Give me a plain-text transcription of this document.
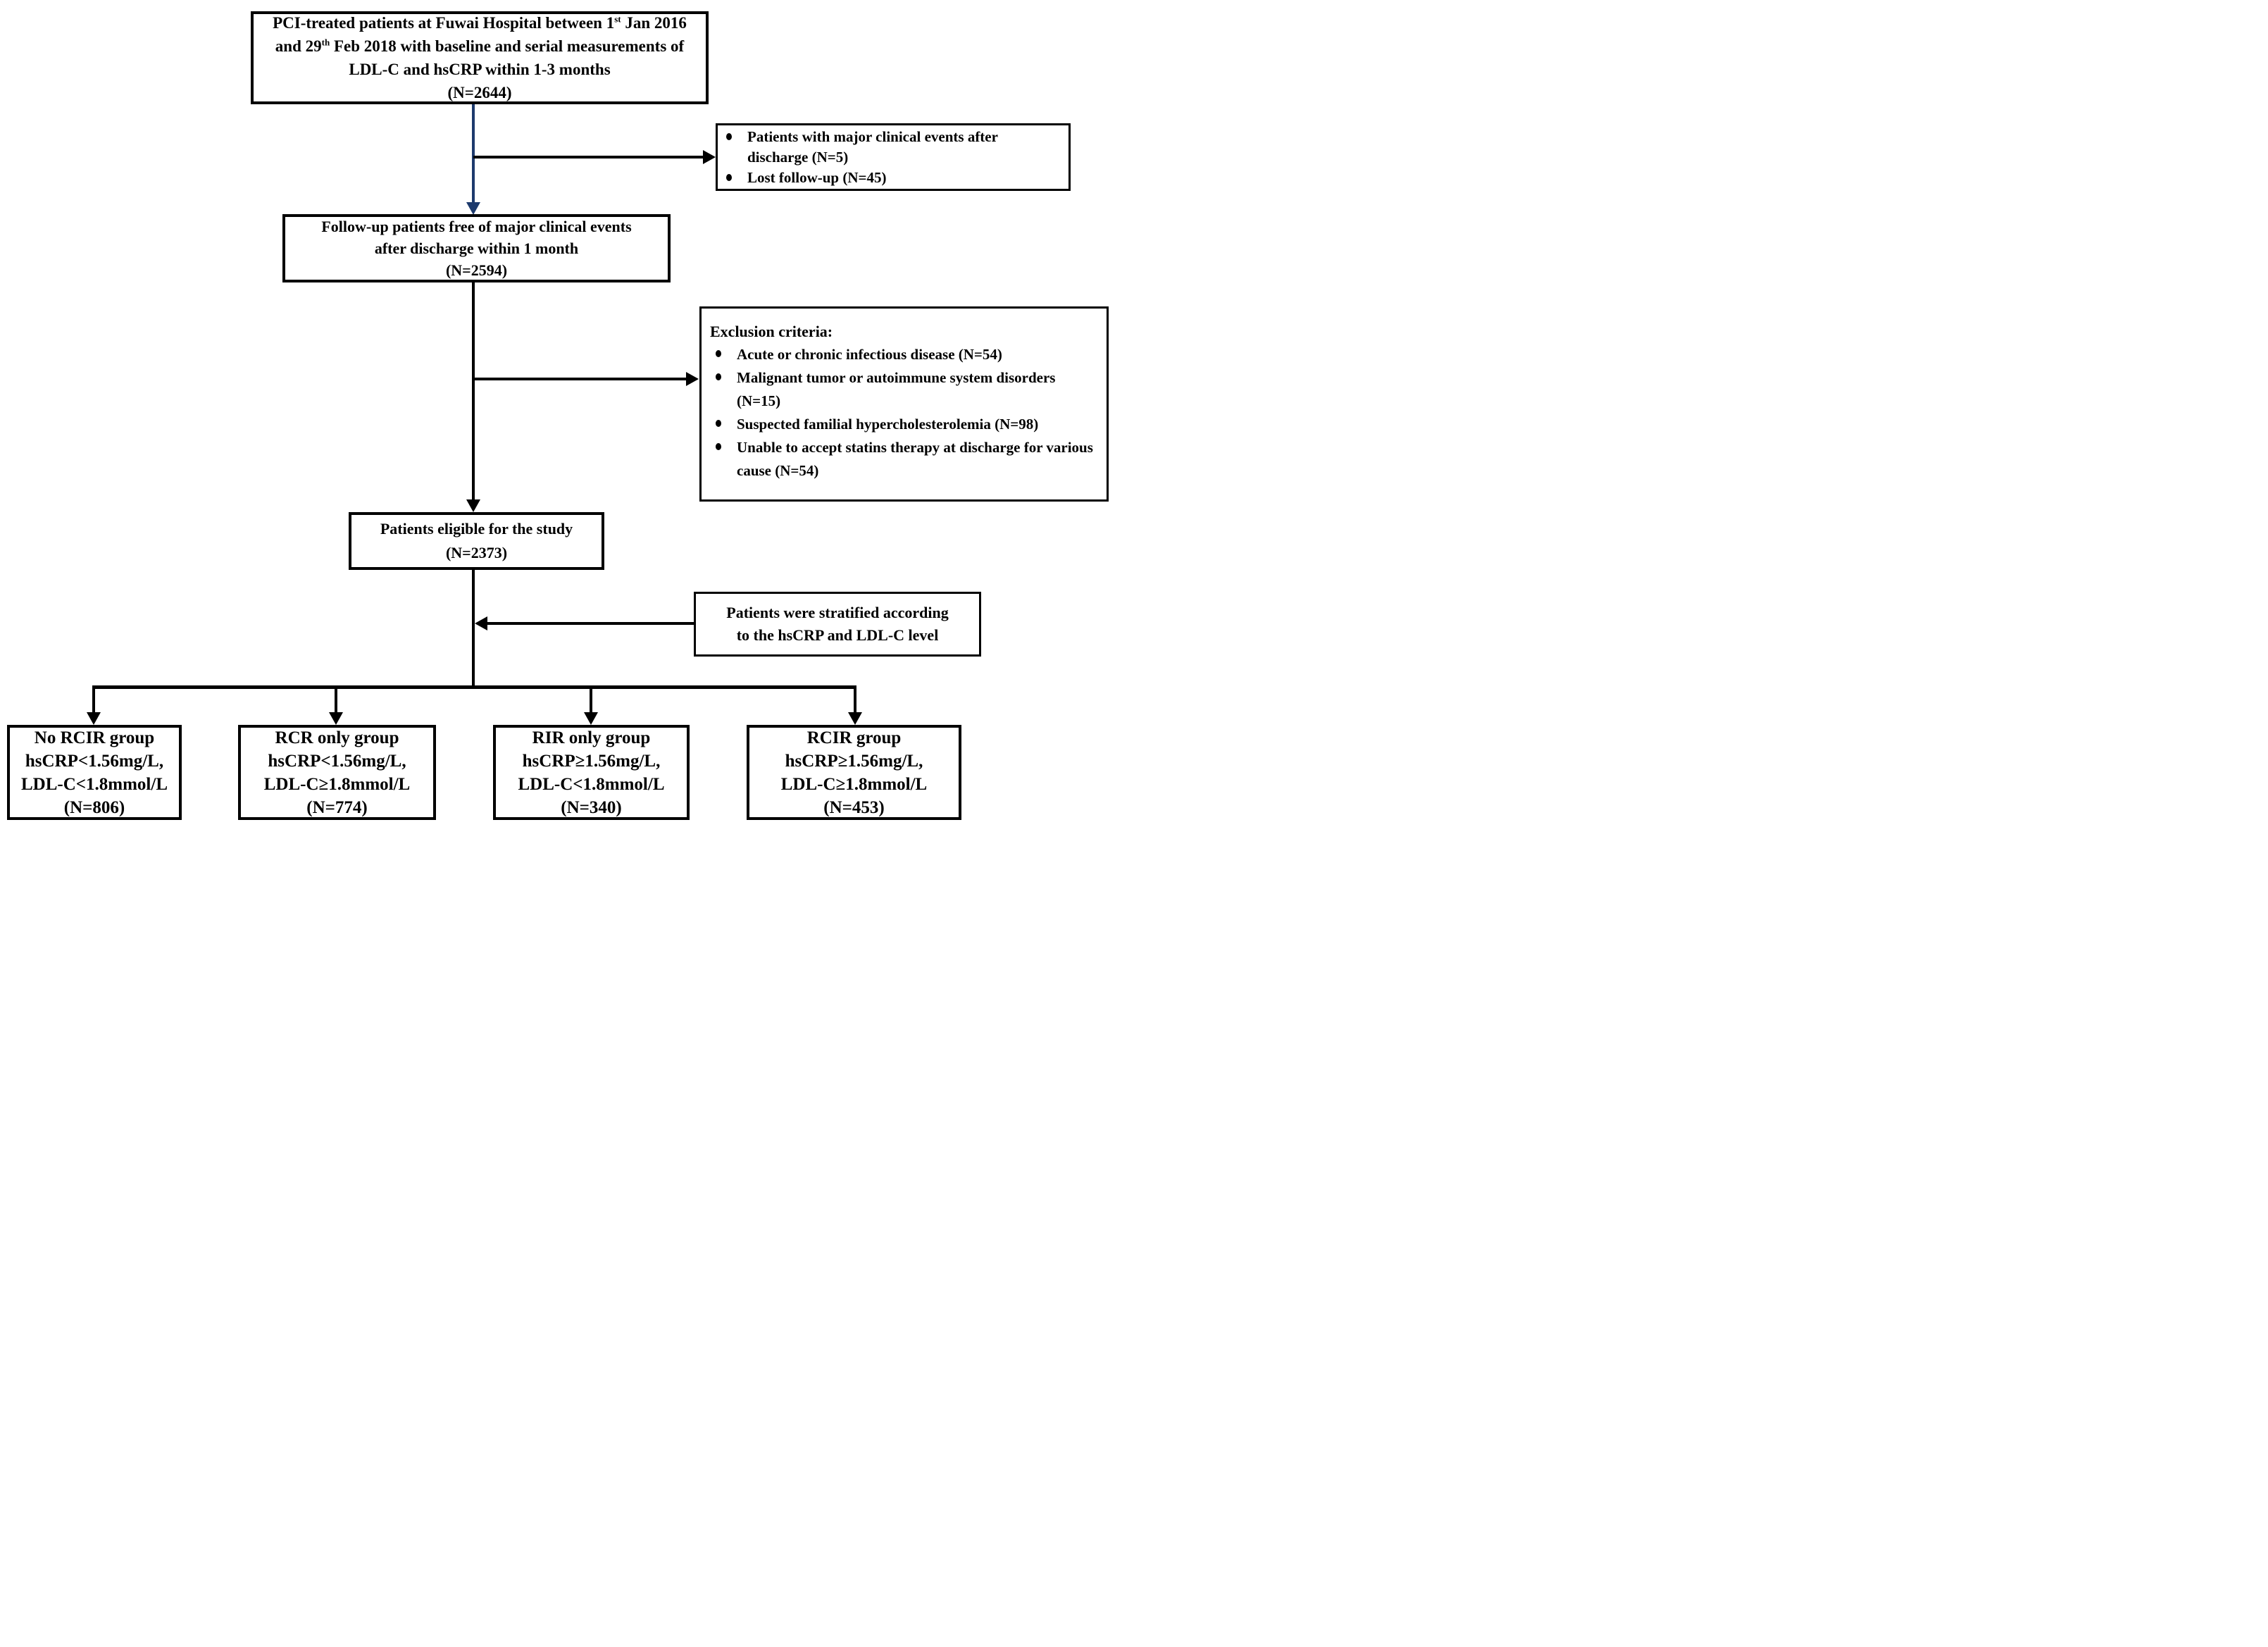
PCI-treated patients at Fuwai Hospital between 1st Jan 2016 and 29th Feb 2018 with baseline and serial measurements of LDL-C and hsCRP within 1-3 months
(N=2644)
Patients with major clinical events after discharge (N=5)
Lost follow-up (N=45)
Follow-up patients free of major clinical events
after discharge within 1 month
(N=2594)
Exclusion criteria:
Acute or chronic infectious disease (N=54)
Malignant tumor or autoimmune system disorders (N=15)
Suspected familial hypercholesterolemia (N=98)
Unable to accept statins therapy at discharge for various cause (N=54)
Patients eligible for the study
(N=2373)
Patients were stratified according
to the hsCRP and LDL-C level
No RCIR group
hsCRP<1.56mg/L,
LDL-C<1.8mmol/L
(N=806)
RCR only group
hsCRP<1.56mg/L,
LDL-C≥1.8mmol/L
(N=774)
RIR only group
hsCRP≥1.56mg/L,
LDL-C<1.8mmol/L
(N=340)
RCIR group
hsCRP≥1.56mg/L,
LDL-C≥1.8mmol/L
(N=453)
